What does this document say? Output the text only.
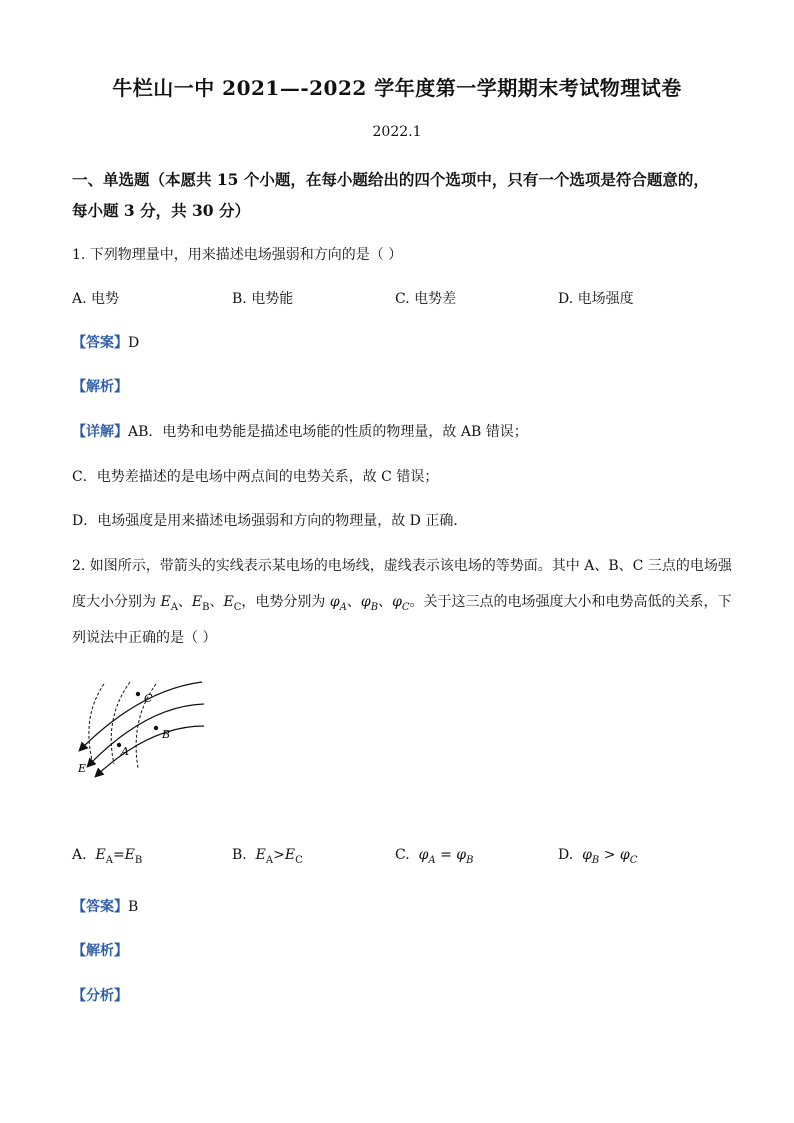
牛栏山一中 2021—-2022 学年度第一学期期末考试物理试卷
2022.1
一、单选题（本愿共 15 个小题，在每小题给出的四个选项中，只有一个选项是符合题意的，
每小题 3 分，共 30 分）
1. 下列物理量中，用来描述电场强弱和方向的是（ ）
A. 电势	B. 电势能	C. 电势差	D. 电场强度
【答案】D
【解析】
【详解】AB．电势和电势能是描述电场能的性质的物理量，故 AB 错误；
C．电势差描述的是电场中两点间的电势关系，故 C 错误；
D．电场强度是用来描述电场强弱和方向的物理量，故 D 正确．
2. 如图所示，带箭头的实线表示某电场的电场线，虚线表示该电场的等势面。其中 A、B、C 三点的电场强
度大小分别为 $E_A$、$E_B$、$E_C$，电势分别为 $\varphi_A$、$\varphi_B$、$\varphi_C$。关于这三点的电场强度大小和电势高低的关系，下
列说法中正确的是（ ）
C
B
A
E
A. $E_A=E_B$	B. $E_A>E_C$	C. $\varphi_A = \varphi_B$	D. $\varphi_B > \varphi_C$
【答案】B
【解析】
【分析】
